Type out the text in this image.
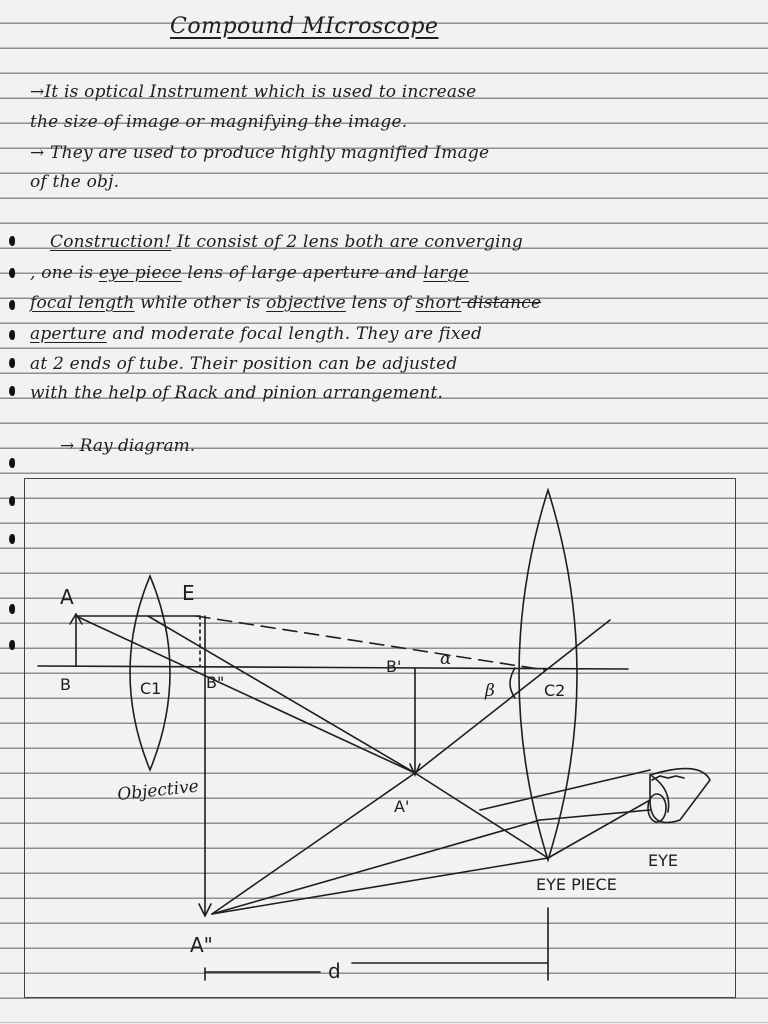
Compound MIcroscope

→It is optical Instrument which is used to increase

the size of image or magnifying the image.

→ They are used to produce highly magnified Image

of the obj.

Construction! It consist of 2 lens both are converging

, one is eye piece lens of large aperture and large

focal length while other is objective lens of short distance

aperture and moderate focal length. They are fixed

at 2 ends of tube. Their position can be adjusted

with the help of Rack and pinion arrangement.

→ Ray diagram.
A
B
E
C1	B"
B' α
β	C2
A'
A"
d
Objective
EYE PIECE
EYE
